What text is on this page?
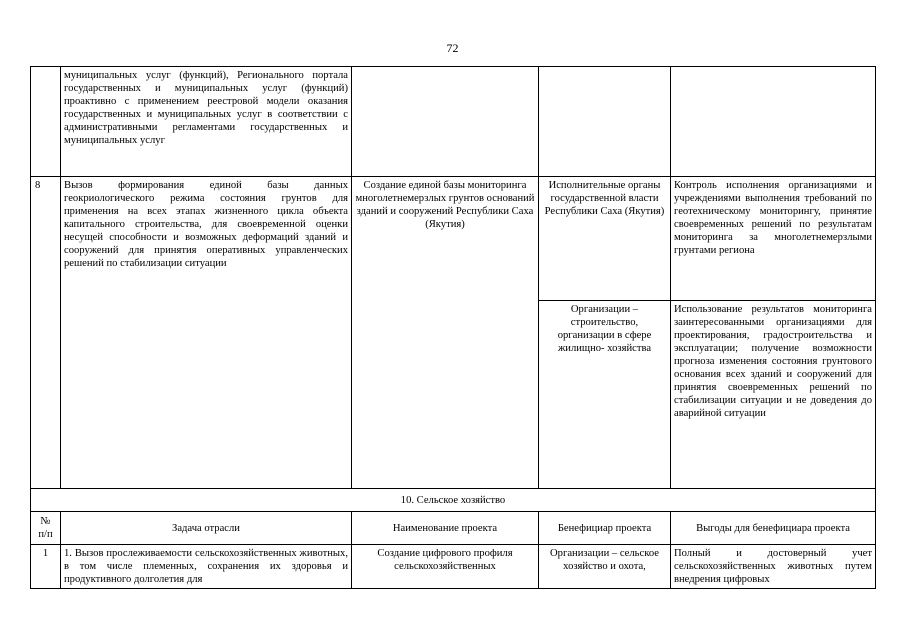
72
	муниципальных услуг (функций), Регионального портала государственных и муниципальных услуг (функций) проактивно с применением реестровой модели оказания государственных и муниципальных услуг в соответствии с административными регламентами государственных и муниципальных услуг			
8	Вызов формирования единой базы данных геокриологического режима состояния грунтов для применения на всех этапах жизненного цикла объекта капитального строительства, для своевременной оценки несущей способности и возможных деформаций зданий и сооружений для принятия оперативных управленческих решений по стабилизации ситуации	Создание единой базы мониторинга многолетнемерзлых грунтов оснований зданий и сооружений Республики Саха (Якутия)	Исполнительные органы государственной власти Республики Саха (Якутия)	Контроль исполнения организациями и учреждениями выполнения требований по геотехническому мониторингу, принятие своевременных решений по результатам мониторинга за многолетнемерзлыми грунтами региона
			Организации – строительство, организации в сфере жилищно- хозяйства	Использование результатов мониторинга заинтересованными организациями для проектирования, градостроительства и эксплуатации; получение возможности прогноза изменения состояния грунтового основания всех зданий и сооружений для принятия своевременных решений по стабилизации ситуации и не доведения до аварийной ситуации
10. Сельское хозяйство				
№
п/п	Задача отрасли	Наименование проекта	Бенефициар проекта	Выгоды для бенефициара проекта
1	1. Вызов прослеживаемости сельскохозяйственных животных, в том числе племенных, сохранения их здоровья и продуктивного долголетия для	Создание цифрового профиля сельскохозяйственных	Организации – сельское хозяйство и охота,	Полный и достоверный учет сельскохозяйственных животных путем внедрения цифровых
